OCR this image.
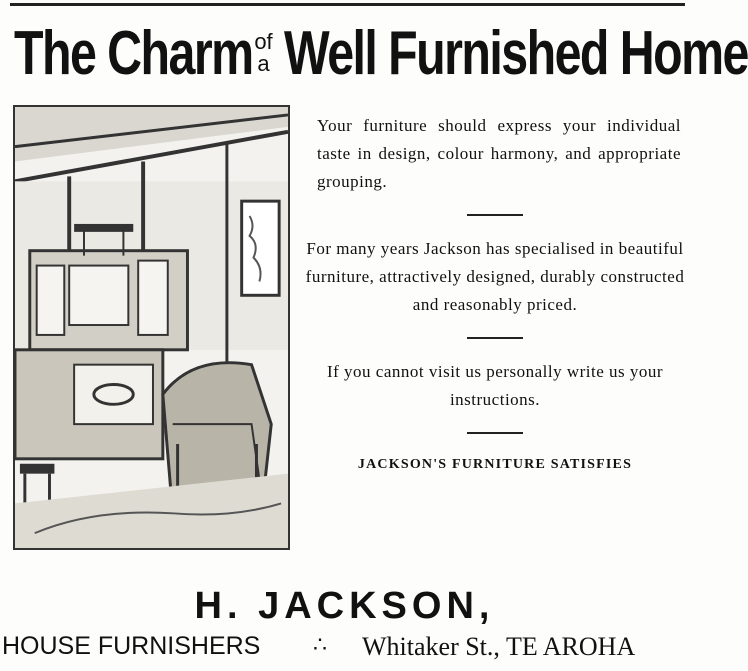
The Charm of
a Well Furnished Home

Your furniture should express your individual taste in design, colour harmony, and appropriate grouping.

For many years Jackson has specialised in beautiful furniture, attractively designed, durably constructed and reasonably priced.

If you cannot visit us personally write us your instructions.

JACKSON'S FURNITURE SATISFIES

H. JACKSON,
HOUSE FURNISHERS ∴ Whitaker St., TE AROHA
